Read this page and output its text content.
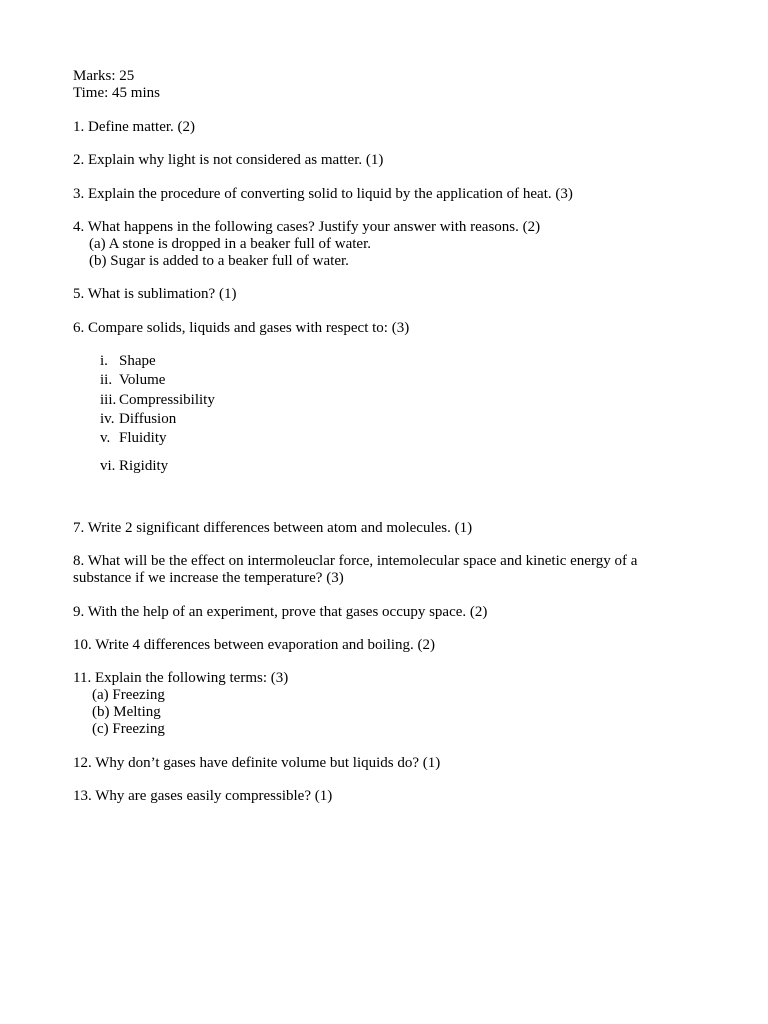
Marks: 25
Time: 45 mins
1. Define matter. (2)
2. Explain why light is not considered as matter. (1)
3. Explain the procedure of converting solid to liquid by the application of heat. (3)
4. What happens in the following cases? Justify your answer with reasons. (2)
(a) A stone is dropped in a beaker full of water.
(b) Sugar is added to a beaker full of water.
5. What is sublimation? (1)
6. Compare solids, liquids and gases with respect to: (3)
i. Shape
ii. Volume
iii. Compressibility
iv. Diffusion
v. Fluidity
vi. Rigidity
7. Write 2 significant differences between atom and molecules. (1)
8. What will be the effect on intermoleuclar force, intemolecular space and kinetic energy of a
substance if we increase the temperature? (3)
9. With the help of an experiment, prove that gases occupy space. (2)
10. Write 4 differences between evaporation and boiling. (2)
11. Explain the following terms: (3)
(a) Freezing
(b) Melting
(c) Freezing
12. Why don’t gases have definite volume but liquids do? (1)
13. Why are gases easily compressible? (1)
